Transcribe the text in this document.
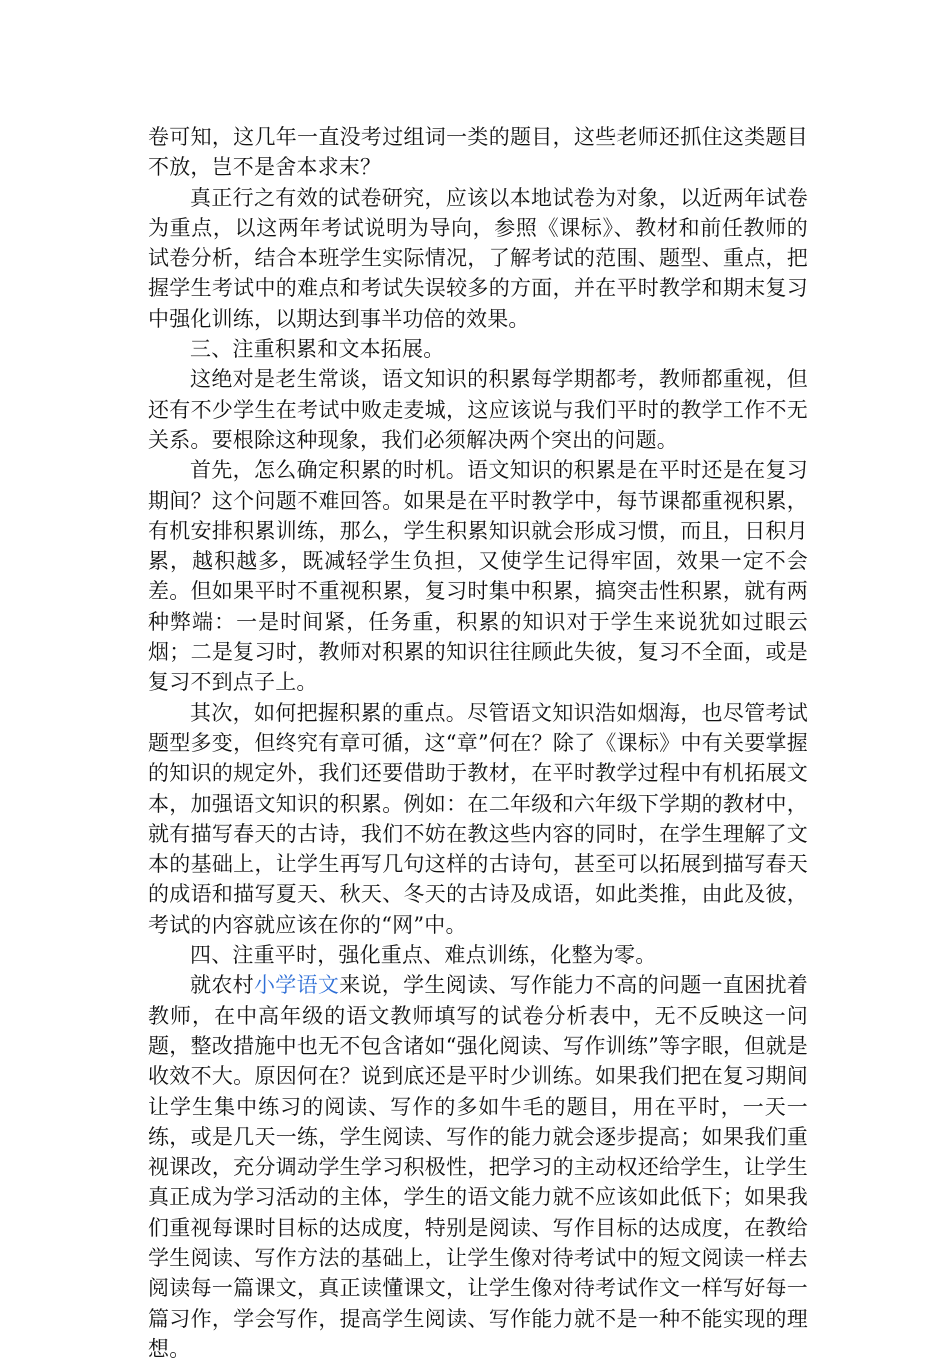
卷可知，这几年一直没考过组词一类的题目，这些老师还抓住这类题目不放，岂不是舍本求末？

真正行之有效的试卷研究，应该以本地试卷为对象，以近两年试卷为重点，以这两年考试说明为导向，参照《课标》、教材和前任教师的试卷分析，结合本班学生实际情况，了解考试的范围、题型、重点，把握学生考试中的难点和考试失误较多的方面，并在平时教学和期末复习中强化训练，以期达到事半功倍的效果。

三、注重积累和文本拓展。

这绝对是老生常谈，语文知识的积累每学期都考，教师都重视，但还有不少学生在考试中败走麦城，这应该说与我们平时的教学工作不无关系。要根除这种现象，我们必须解决两个突出的问题。

首先，怎么确定积累的时机。语文知识的积累是在平时还是在复习期间？这个问题不难回答。如果是在平时教学中，每节课都重视积累，有机安排积累训练，那么，学生积累知识就会形成习惯，而且，日积月累，越积越多，既减轻学生负担，又使学生记得牢固，效果一定不会差。但如果平时不重视积累，复习时集中积累，搞突击性积累，就有两种弊端：一是时间紧，任务重，积累的知识对于学生来说犹如过眼云烟；二是复习时，教师对积累的知识往往顾此失彼，复习不全面，或是复习不到点子上。

其次，如何把握积累的重点。尽管语文知识浩如烟海，也尽管考试题型多变，但终究有章可循，这“章”何在？除了《课标》中有关要掌握的知识的规定外，我们还要借助于教材，在平时教学过程中有机拓展文本，加强语文知识的积累。例如：在二年级和六年级下学期的教材中，就有描写春天的古诗，我们不妨在教这些内容的同时，在学生理解了文本的基础上，让学生再写几句这样的古诗句，甚至可以拓展到描写春天的成语和描写夏天、秋天、冬天的古诗及成语，如此类推，由此及彼，考试的内容就应该在你的“网”中。

四、注重平时，强化重点、难点训练，化整为零。

就农村小学语文来说，学生阅读、写作能力不高的问题一直困扰着教师，在中高年级的语文教师填写的试卷分析表中，无不反映这一问题，整改措施中也无不包含诸如“强化阅读、写作训练”等字眼，但就是收效不大。原因何在？说到底还是平时少训练。如果我们把在复习期间让学生集中练习的阅读、写作的多如牛毛的题目，用在平时，一天一练，或是几天一练，学生阅读、写作的能力就会逐步提高；如果我们重视课改，充分调动学生学习积极性，把学习的主动权还给学生，让学生真正成为学习活动的主体，学生的语文能力就不应该如此低下；如果我们重视每课时目标的达成度，特别是阅读、写作目标的达成度，在教给学生阅读、写作方法的基础上，让学生像对待考试中的短文阅读一样去阅读每一篇课文，真正读懂课文，让学生像对待考试作文一样写好每一篇习作，学会写作，提高学生阅读、写作能力就不是一种不能实现的理想。
